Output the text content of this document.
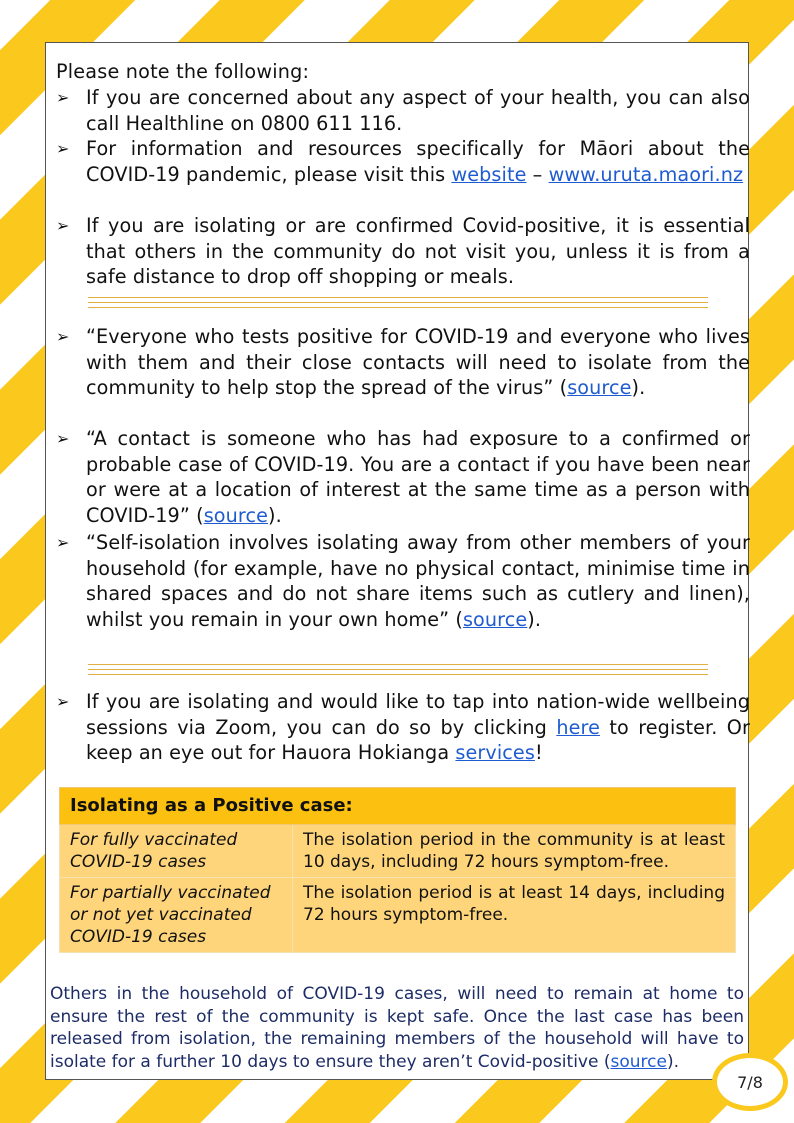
Please note the following:
➢ If you are concerned about any aspect of your health, you can also call Healthline on 0800 611 116.
➢ For information and resources specifically for Māori about the COVID-19 pandemic, please visit this website – www.uruta.maori.nz
➢ If you are isolating or are confirmed Covid-positive, it is essential that others in the community do not visit you, unless it is from a safe distance to drop off shopping or meals.
➢ “Everyone who tests positive for COVID-19 and everyone who lives with them and their close contacts will need to isolate from the community to help stop the spread of the virus” (source).
➢ “A contact is someone who has had exposure to a confirmed or probable case of COVID-19. You are a contact if you have been near or were at a location of interest at the same time as a person with COVID-19” (source).
➢ “Self-isolation involves isolating away from other members of your household (for example, have no physical contact, minimise time in shared spaces and do not share items such as cutlery and linen), whilst you remain in your own home” (source).
➢ If you are isolating and would like to tap into nation-wide wellbeing sessions via Zoom, you can do so by clicking here to register. Or keep an eye out for Hauora Hokianga services!
Isolating as a Positive case:	
For fully vaccinated COVID-19 cases	The isolation period in the community is at least 10 days, including 72 hours symptom-free.
For partially vaccinated or not yet vaccinated COVID-19 cases	The isolation period is at least 14 days, including 72 hours symptom-free.
Others in the household of COVID-19 cases, will need to remain at home to ensure the rest of the community is kept safe. Once the last case has been released from isolation, the remaining members of the household will have to isolate for a further 10 days to ensure they aren’t Covid-positive (source).
7/8
